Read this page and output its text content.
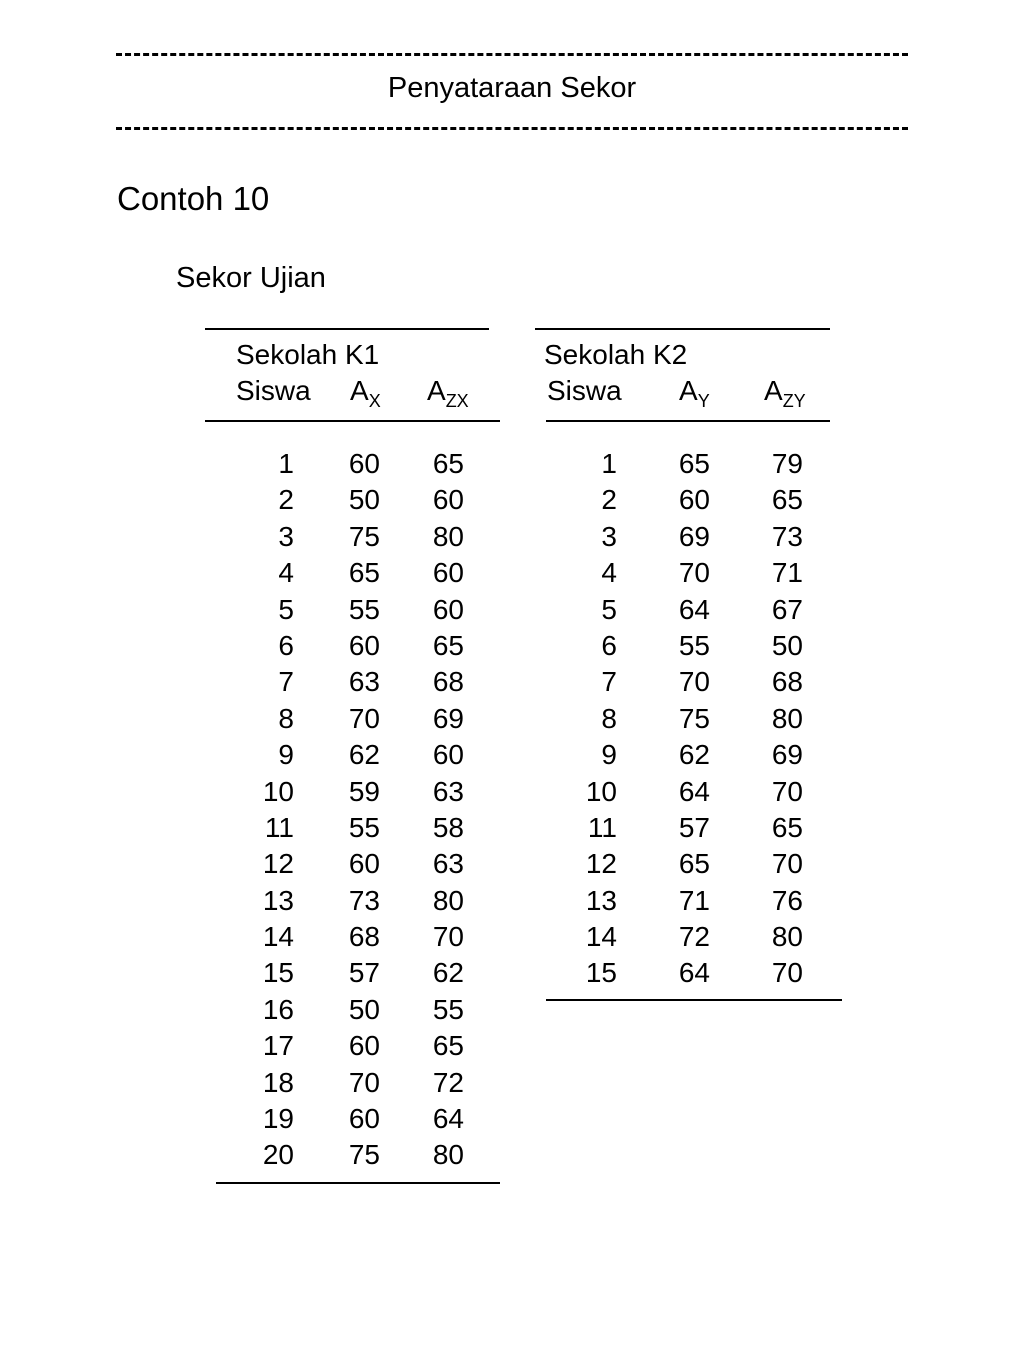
Penyataraan Sekor
Contoh 10
Sekor Ujian
Sekolah K1
Siswa $A_X$ $A_{ZX}$
1
2
3
4
5
6
7
8
9
10
11
12
13
14
15
16
17
18
19
20
60
50
75
65
55
60
63
70
62
59
55
60
73
68
57
50
60
70
60
75
65
60
80
60
60
65
68
69
60
63
58
63
80
70
62
55
65
72
64
80
Sekolah K2
Siswa $A_Y$ $A_{ZY}$
1
2
3
4
5
6
7
8
9
10
11
12
13
14
15
65
60
69
70
64
55
70
75
62
64
57
65
71
72
64
79
65
73
71
67
50
68
80
69
70
65
70
76
80
70
